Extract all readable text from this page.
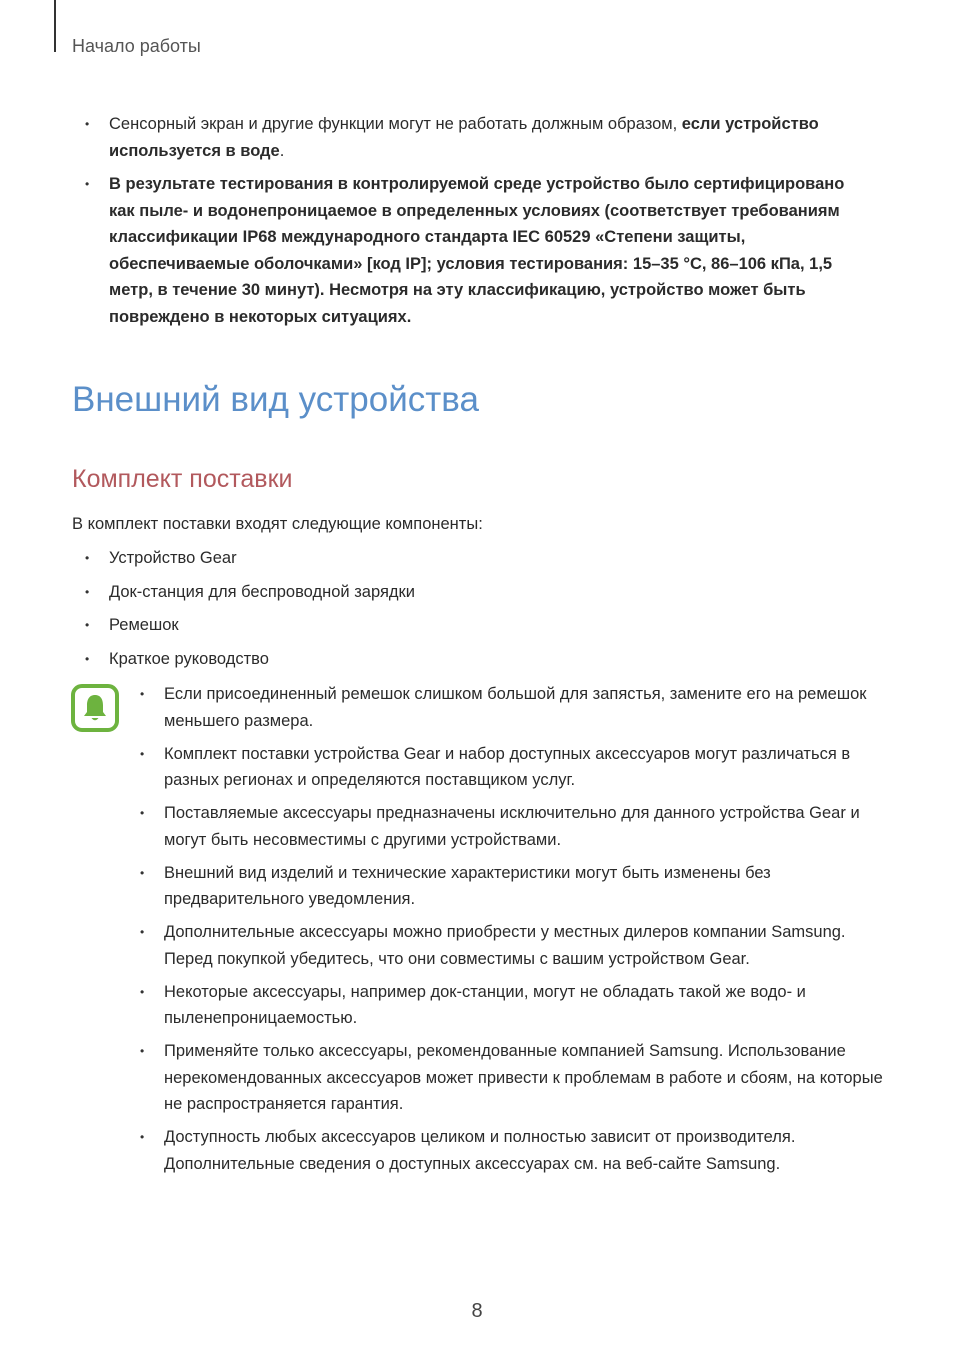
Начало работы
• Сенсорный экран и другие функции могут не работать должным образом, если устройство используется в воде.
• В результате тестирования в контролируемой среде устройство было сертифицировано как пыле- и водонепроницаемое в определенных условиях (соответствует требованиям классификации IP68 международного стандарта IEC 60529 «Степени защиты, обеспечиваемые оболочками» [код IP]; условия тестирования: 15–35 °C, 86–106 кПа, 1,5 метр, в течение 30 минут). Несмотря на эту классификацию, устройство может быть повреждено в некоторых ситуациях.
Внешний вид устройства
Комплект поставки

В комплект поставки входят следующие компоненты:

• Устройство Gear
• Док-станция для беспроводной зарядки
• Ремешок
• Краткое руководство
• Если присоединенный ремешок слишком большой для запястья, замените его на ремешок меньшего размера.
• Комплект поставки устройства Gear и набор доступных аксессуаров могут различаться в разных регионах и определяются поставщиком услуг.
• Поставляемые аксессуары предназначены исключительно для данного устройства Gear и могут быть несовместимы с другими устройствами.
• Внешний вид изделий и технические характеристики могут быть изменены без предварительного уведомления.
• Дополнительные аксессуары можно приобрести у местных дилеров компании Samsung. Перед покупкой убедитесь, что они совместимы с вашим устройством Gear.
• Некоторые аксессуары, например док-станции, могут не обладать такой же водо- и пыленепроницаемостью.
• Применяйте только аксессуары, рекомендованные компанией Samsung. Использование нерекомендованных аксессуаров может привести к проблемам в работе и сбоям, на которые не распространяется гарантия.
• Доступность любых аксессуаров целиком и полностью зависит от производителя. Дополнительные сведения о доступных аксессуарах см. на веб-сайте Samsung.
8
